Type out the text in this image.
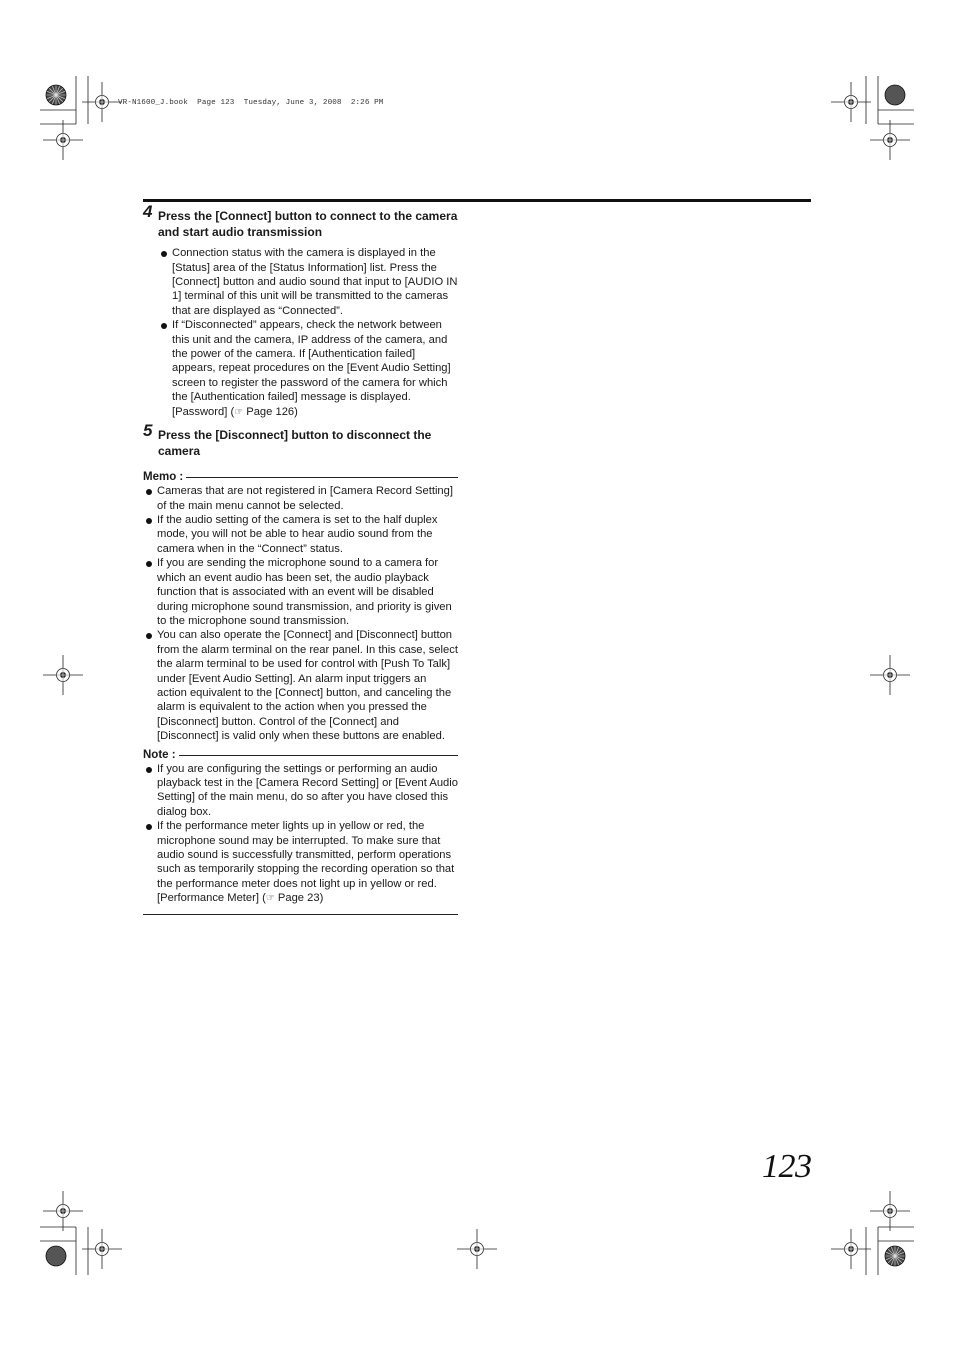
VR-N1600_J.book  Page 123  Tuesday, June 3, 2008  2:26 PM
4 Press the [Connect] button to connect to the camera and start audio transmission
Connection status with the camera is displayed in the [Status] area of the [Status Information] list. Press the [Connect] button and audio sound that input to [AUDIO IN 1] terminal of this unit will be transmitted to the cameras that are displayed as “Connected”.
If “Disconnected” appears, check the network between this unit and the camera, IP address of the camera, and the power of the camera. If [Authentication failed] appears, repeat procedures on the [Event Audio Setting] screen to register the password of the camera for which the [Authentication failed] message is displayed.
[Password] (☞ Page 126)
5 Press the [Disconnect] button to disconnect the camera
Memo :
Cameras that are not registered in [Camera Record Setting] of the main menu cannot be selected.
If the audio setting of the camera is set to the half duplex mode, you will not be able to hear audio sound from the camera when in the “Connect” status.
If you are sending the microphone sound to a camera for which an event audio has been set, the audio playback function that is associated with an event will be disabled during microphone sound transmission, and priority is given to the microphone sound transmission.
You can also operate the [Connect] and [Disconnect] button from the alarm terminal on the rear panel. In this case, select the alarm terminal to be used for control with [Push To Talk] under [Event Audio Setting]. An alarm input triggers an action equivalent to the [Connect] button, and canceling the alarm is equivalent to the action when you pressed the [Disconnect] button. Control of the [Connect] and [Disconnect] is valid only when these buttons are enabled.
Note :
If you are configuring the settings or performing an audio playback test in the [Camera Record Setting] or [Event Audio Setting] of the main menu, do so after you have closed this dialog box.
If the performance meter lights up in yellow or red, the microphone sound may be interrupted. To make sure that audio sound is successfully transmitted, perform operations such as temporarily stopping the recording operation so that the performance meter does not light up in yellow or red. [Performance Meter] (☞ Page 23)
123
